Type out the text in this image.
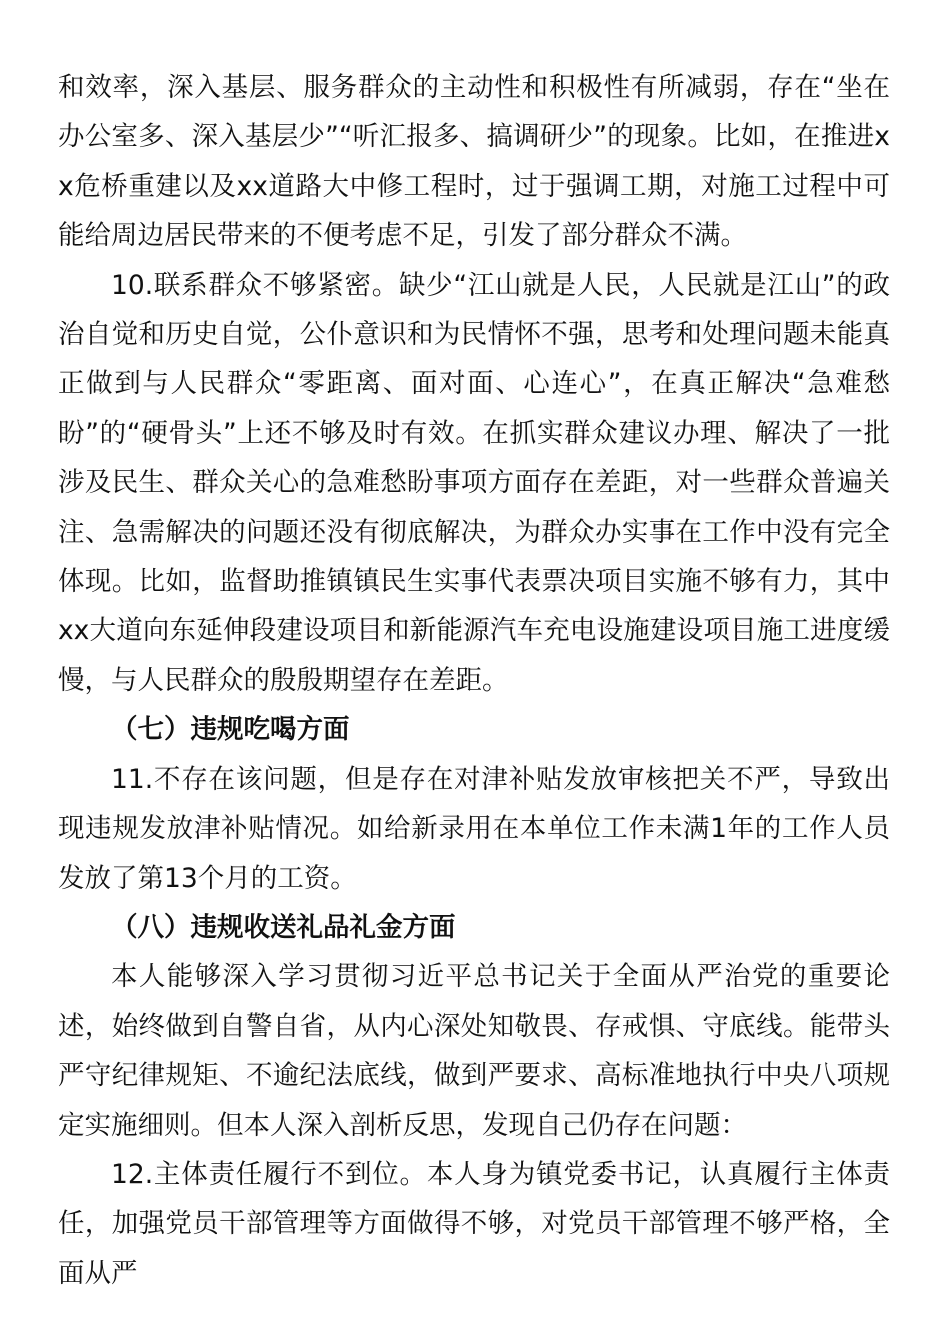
和效率，深入基层、服务群众的主动性和积极性有所减弱，存在“坐在办公室多、深入基层少”“听汇报多、搞调研少”的现象。比如，在推进xx危桥重建以及xx道路大中修工程时，过于强调工期，对施工过程中可能给周边居民带来的不便考虑不足，引发了部分群众不满。

10.联系群众不够紧密。缺少“江山就是人民，人民就是江山”的政治自觉和历史自觉，公仆意识和为民情怀不强，思考和处理问题未能真正做到与人民群众“零距离、面对面、心连心”，在真正解决“急难愁盼”的“硬骨头”上还不够及时有效。在抓实群众建议办理、解决了一批涉及民生、群众关心的急难愁盼事项方面存在差距，对一些群众普遍关注、急需解决的问题还没有彻底解决，为群众办实事在工作中没有完全体现。比如，监督助推镇镇民生实事代表票决项目实施不够有力，其中xx大道向东延伸段建设项目和新能源汽车充电设施建设项目施工进度缓慢，与人民群众的殷殷期望存在差距。

（七）违规吃喝方面

11.不存在该问题，但是存在对津补贴发放审核把关不严，导致出现违规发放津补贴情况。如给新录用在本单位工作未满1年的工作人员发放了第13个月的工资。

（八）违规收送礼品礼金方面

本人能够深入学习贯彻习近平总书记关于全面从严治党的重要论述，始终做到自警自省，从内心深处知敬畏、存戒惧、守底线。能带头严守纪律规矩、不逾纪法底线，做到严要求、高标准地执行中央八项规定实施细则。但本人深入剖析反思，发现自己仍存在问题：

12.主体责任履行不到位。本人身为镇党委书记，认真履行主体责任，加强党员干部管理等方面做得不够，对党员干部管理不够严格，全面从严
